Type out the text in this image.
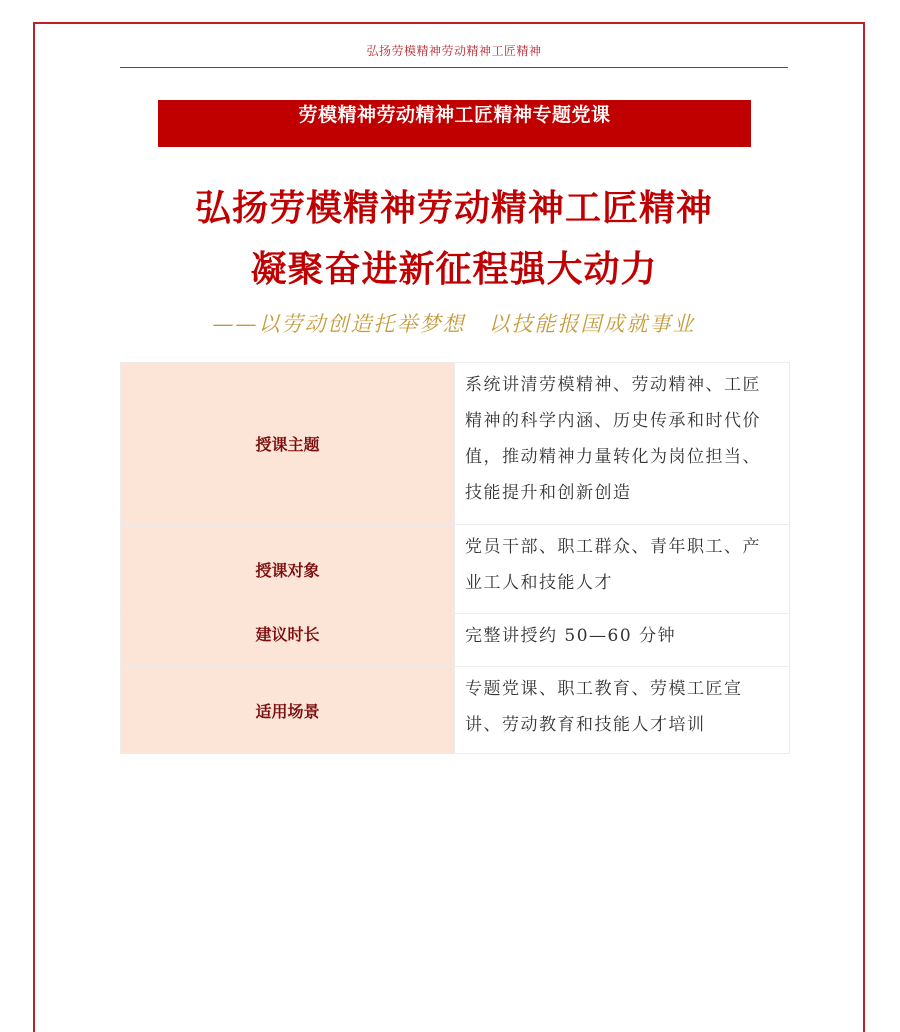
弘扬劳模精神劳动精神工匠精神
劳模精神劳动精神工匠精神专题党课
弘扬劳模精神劳动精神工匠精神
凝聚奋进新征程强大动力
——以劳动创造托举梦想　以技能报国成就事业
授课主题	系统讲清劳模精神、劳动精神、工匠精神的科学内涵、历史传承和时代价值，推动精神力量转化为岗位担当、技能提升和创新创造
授课对象	党员干部、职工群众、青年职工、产业工人和技能人才
建议时长	完整讲授约 50—60 分钟
适用场景	专题党课、职工教育、劳模工匠宣讲、劳动教育和技能人才培训
